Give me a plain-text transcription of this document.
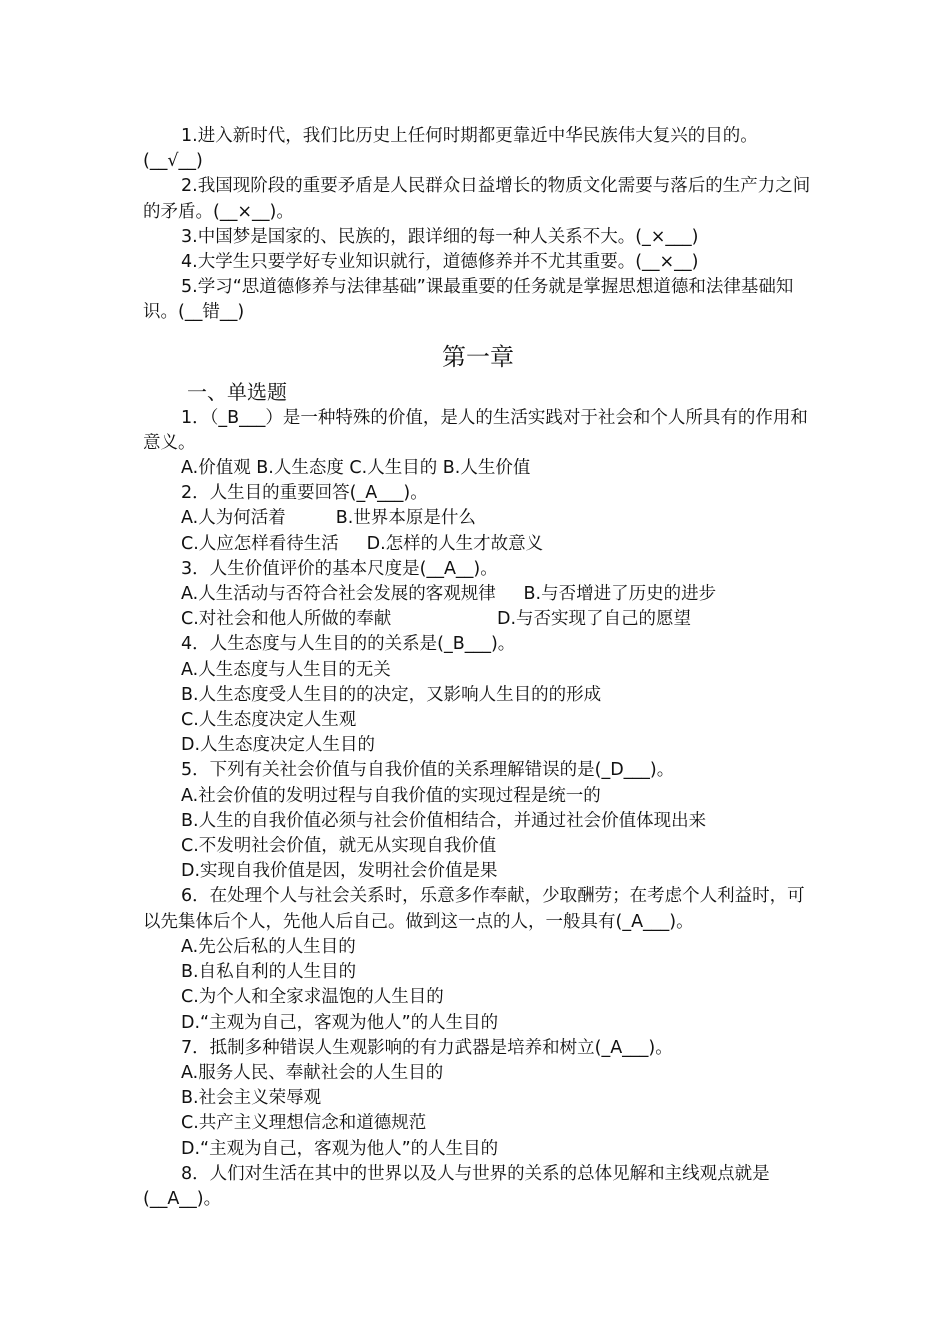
1.进入新时代，我们比历史上任何时期都更靠近中华民族伟大复兴的目的。(__√__)

2.我国现阶段的重要矛盾是人民群众日益增长的物质文化需要与落后的生产力之间的矛盾。(__×__)。

3.中国梦是国家的、民族的，跟详细的每一种人关系不大。(_×___)

4.大学生只要学好专业知识就行，道德修养并不尤其重要。(__×__)

5.学习“思道德修养与法律基础”课最重要的任务就是掌握思想道德和法律基础知识。(__错__)

第一章
一、单选题

1．（_B___）是一种特殊的价值，是人的生活实践对于社会和个人所具有的作用和意义。

A.价值观 B.人生态度 C.人生目的 B.人生价值

2．人生目的重要回答(_A___)。

A.人为何活着         B.世界本原是什么

C.人应怎样看待生活     D.怎样的人生才故意义

3．人生价值评价的基本尺度是(__A__)。

A.人生活动与否符合社会发展的客观规律     B.与否增进了历史的进步

C.对社会和他人所做的奉献                   D.与否实现了自己的愿望

4．人生态度与人生目的的关系是(_B___)。

A.人生态度与人生目的无关

B.人生态度受人生目的的决定，又影响人生目的的形成

C.人生态度决定人生观

D.人生态度决定人生目的

5．下列有关社会价值与自我价值的关系理解错误的是(_D___)。

A.社会价值的发明过程与自我价值的实现过程是统一的

B.人生的自我价值必须与社会价值相结合，并通过社会价值体现出来

C.不发明社会价值，就无从实现自我价值

D.实现自我价值是因，发明社会价值是果

6．在处理个人与社会关系时，乐意多作奉献，少取酬劳；在考虑个人利益时，可以先集体后个人，先他人后自己。做到这一点的人，一般具有(_A___)。

A.先公后私的人生目的

B.自私自利的人生目的

C.为个人和全家求温饱的人生目的

D.“主观为自己，客观为他人”的人生目的

7．抵制多种错误人生观影响的有力武器是培养和树立(_A___)。

A.服务人民、奉献社会的人生目的

B.社会主义荣辱观

C.共产主义理想信念和道德规范

D.“主观为自己，客观为他人”的人生目的

8．人们对生活在其中的世界以及人与世界的关系的总体见解和主线观点就是(__A__)。
